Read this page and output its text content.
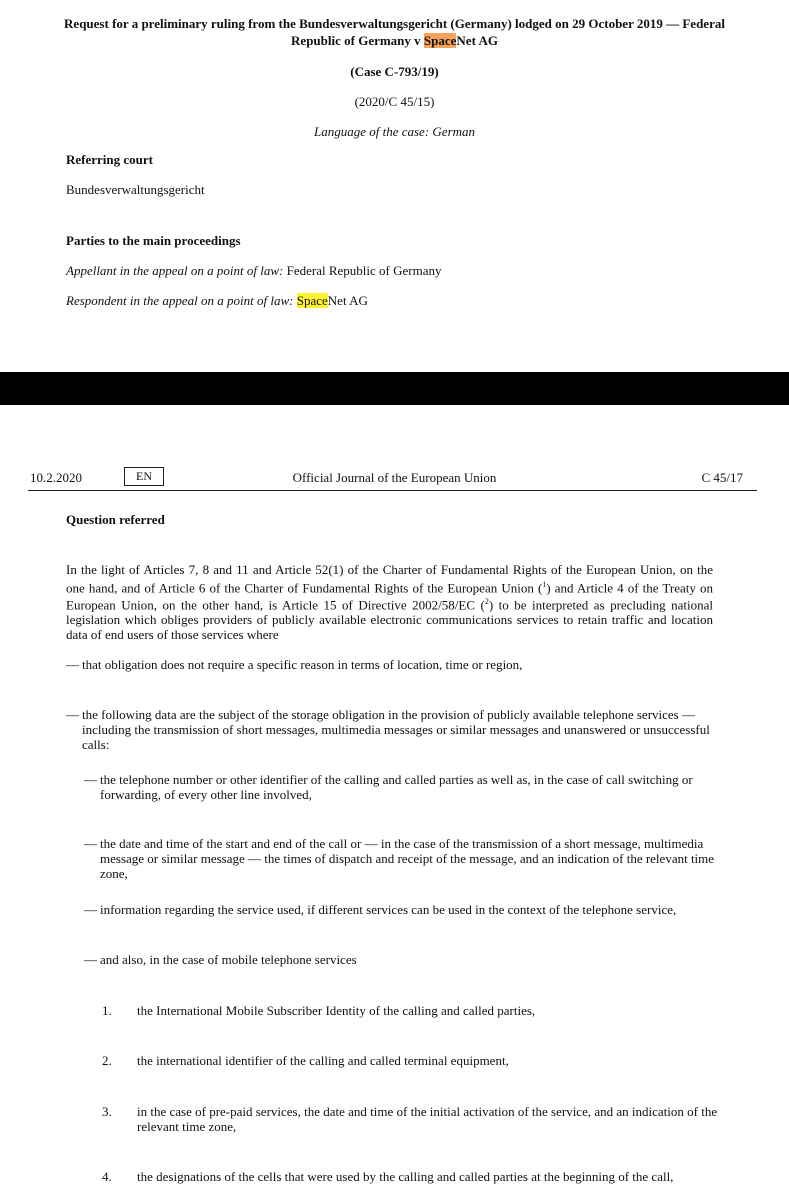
Request for a preliminary ruling from the Bundesverwaltungsgericht (Germany) lodged on 29 October 2019 — Federal
Republic of Germany v SpaceNet AG
(Case C-793/19)
(2020/C 45/15)
Language of the case: German
Referring court
Bundesverwaltungsgericht
Parties to the main proceedings
Appellant in the appeal on a point of law: Federal Republic of Germany
Respondent in the appeal on a point of law: SpaceNet AG
10.2.2020	EN	Official Journal of the European Union	C 45/17
Question referred
In the light of Articles 7, 8 and 11 and Article 52(1) of the Charter of Fundamental Rights of the European Union, on the one hand, and of Article 6 of the Charter of Fundamental Rights of the European Union ($^1$) and Article 4 of the Treaty on European Union, on the other hand, is Article 15 of Directive 2002/58/EC ($^2$) to be interpreted as precluding national legislation which obliges providers of publicly available electronic communications services to retain traffic and location data of end users of those services where
— that obligation does not require a specific reason in terms of location, time or region,
— the following data are the subject of the storage obligation in the provision of publicly available telephone services — including the transmission of short messages, multimedia messages or similar messages and unanswered or unsuccessful calls:
— the telephone number or other identifier of the calling and called parties as well as, in the case of call switching or forwarding, of every other line involved,
— the date and time of the start and end of the call or — in the case of the transmission of a short message, multimedia message or similar message — the times of dispatch and receipt of the message, and an indication of the relevant time zone,
— information regarding the service used, if different services can be used in the context of the telephone service,
— and also, in the case of mobile telephone services
1.	the International Mobile Subscriber Identity of the calling and called parties,
2.	the international identifier of the calling and called terminal equipment,
3.	in the case of pre-paid services, the date and time of the initial activation of the service, and an indication of the relevant time zone,
4.	the designations of the cells that were used by the calling and called parties at the beginning of the call,
